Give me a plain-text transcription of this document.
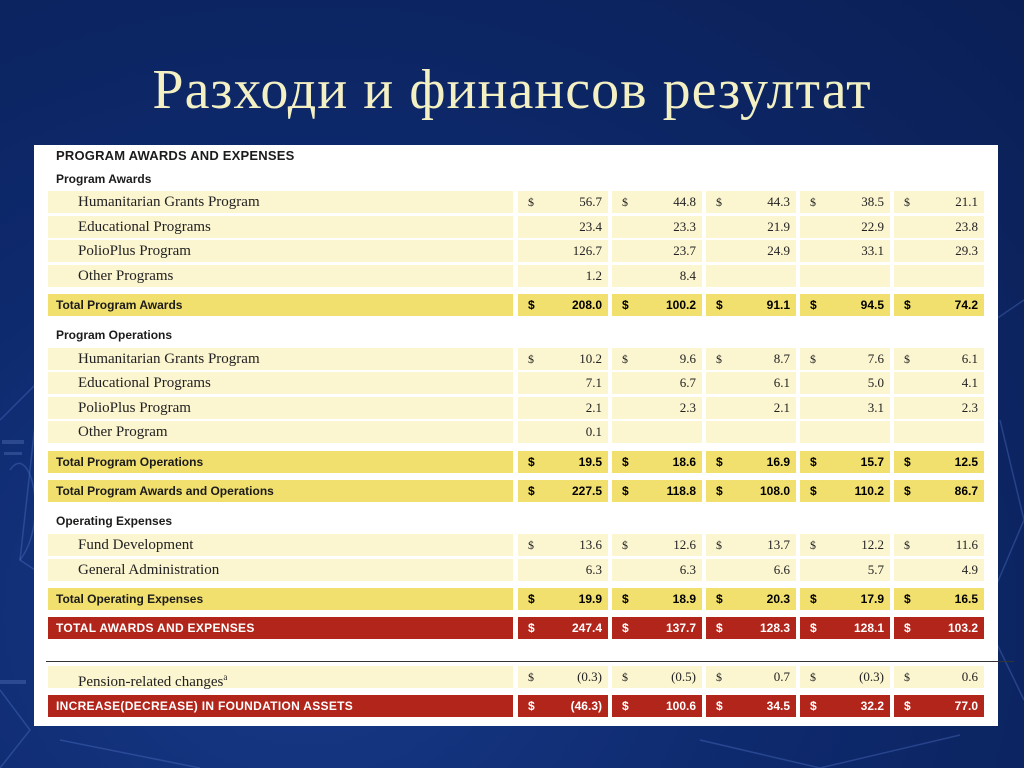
Разходи и финансов резултат
PROGRAM AWARDS AND EXPENSES
Program Awards
Program Operations
Operating Expenses
Humanitarian Grants Program	$	56.7 $	44.8 $	44.3 $	38.5 $	21.1
Educational Programs	23.4	23.3	21.9	22.9	23.8
PolioPlus Program	126.7	23.7	24.9	33.1	29.3
Other Programs	1.2	8.4
Total Program Awards	$	208.0 $	100.2 $	91.1 $	94.5 $	74.2
Humanitarian Grants Program	$	10.2 $	9.6 $	8.7 $	7.6 $	6.1
Educational Programs	7.1	6.7	6.1	5.0	4.1
PolioPlus Program	2.1	2.3	2.1	3.1	2.3
Other Program	0.1
Total Program Operations	$	19.5 $	18.6 $	16.9 $	15.7 $	12.5
Total Program Awards and Operations	$	227.5 $	118.8 $	108.0 $	110.2 $	86.7
Fund Development	$	13.6 $	12.6 $	13.7 $	12.2 $	11.6
General Administration	6.3	6.3	6.6	5.7	4.9
Total Operating Expenses	$	19.9 $	18.9 $	20.3 $	17.9 $	16.5
TOTAL AWARDS AND EXPENSES	$	247.4 $	137.7 $	128.3 $	128.1 $	103.2
Pension-related changes$^a$	$	(0.3) $	(0.5) $	0.7 $	(0.3) $	0.6
INCREASE(DECREASE) IN FOUNDATION ASSETS	$	(46.3) $	100.6 $	34.5 $	32.2 $	77.0
